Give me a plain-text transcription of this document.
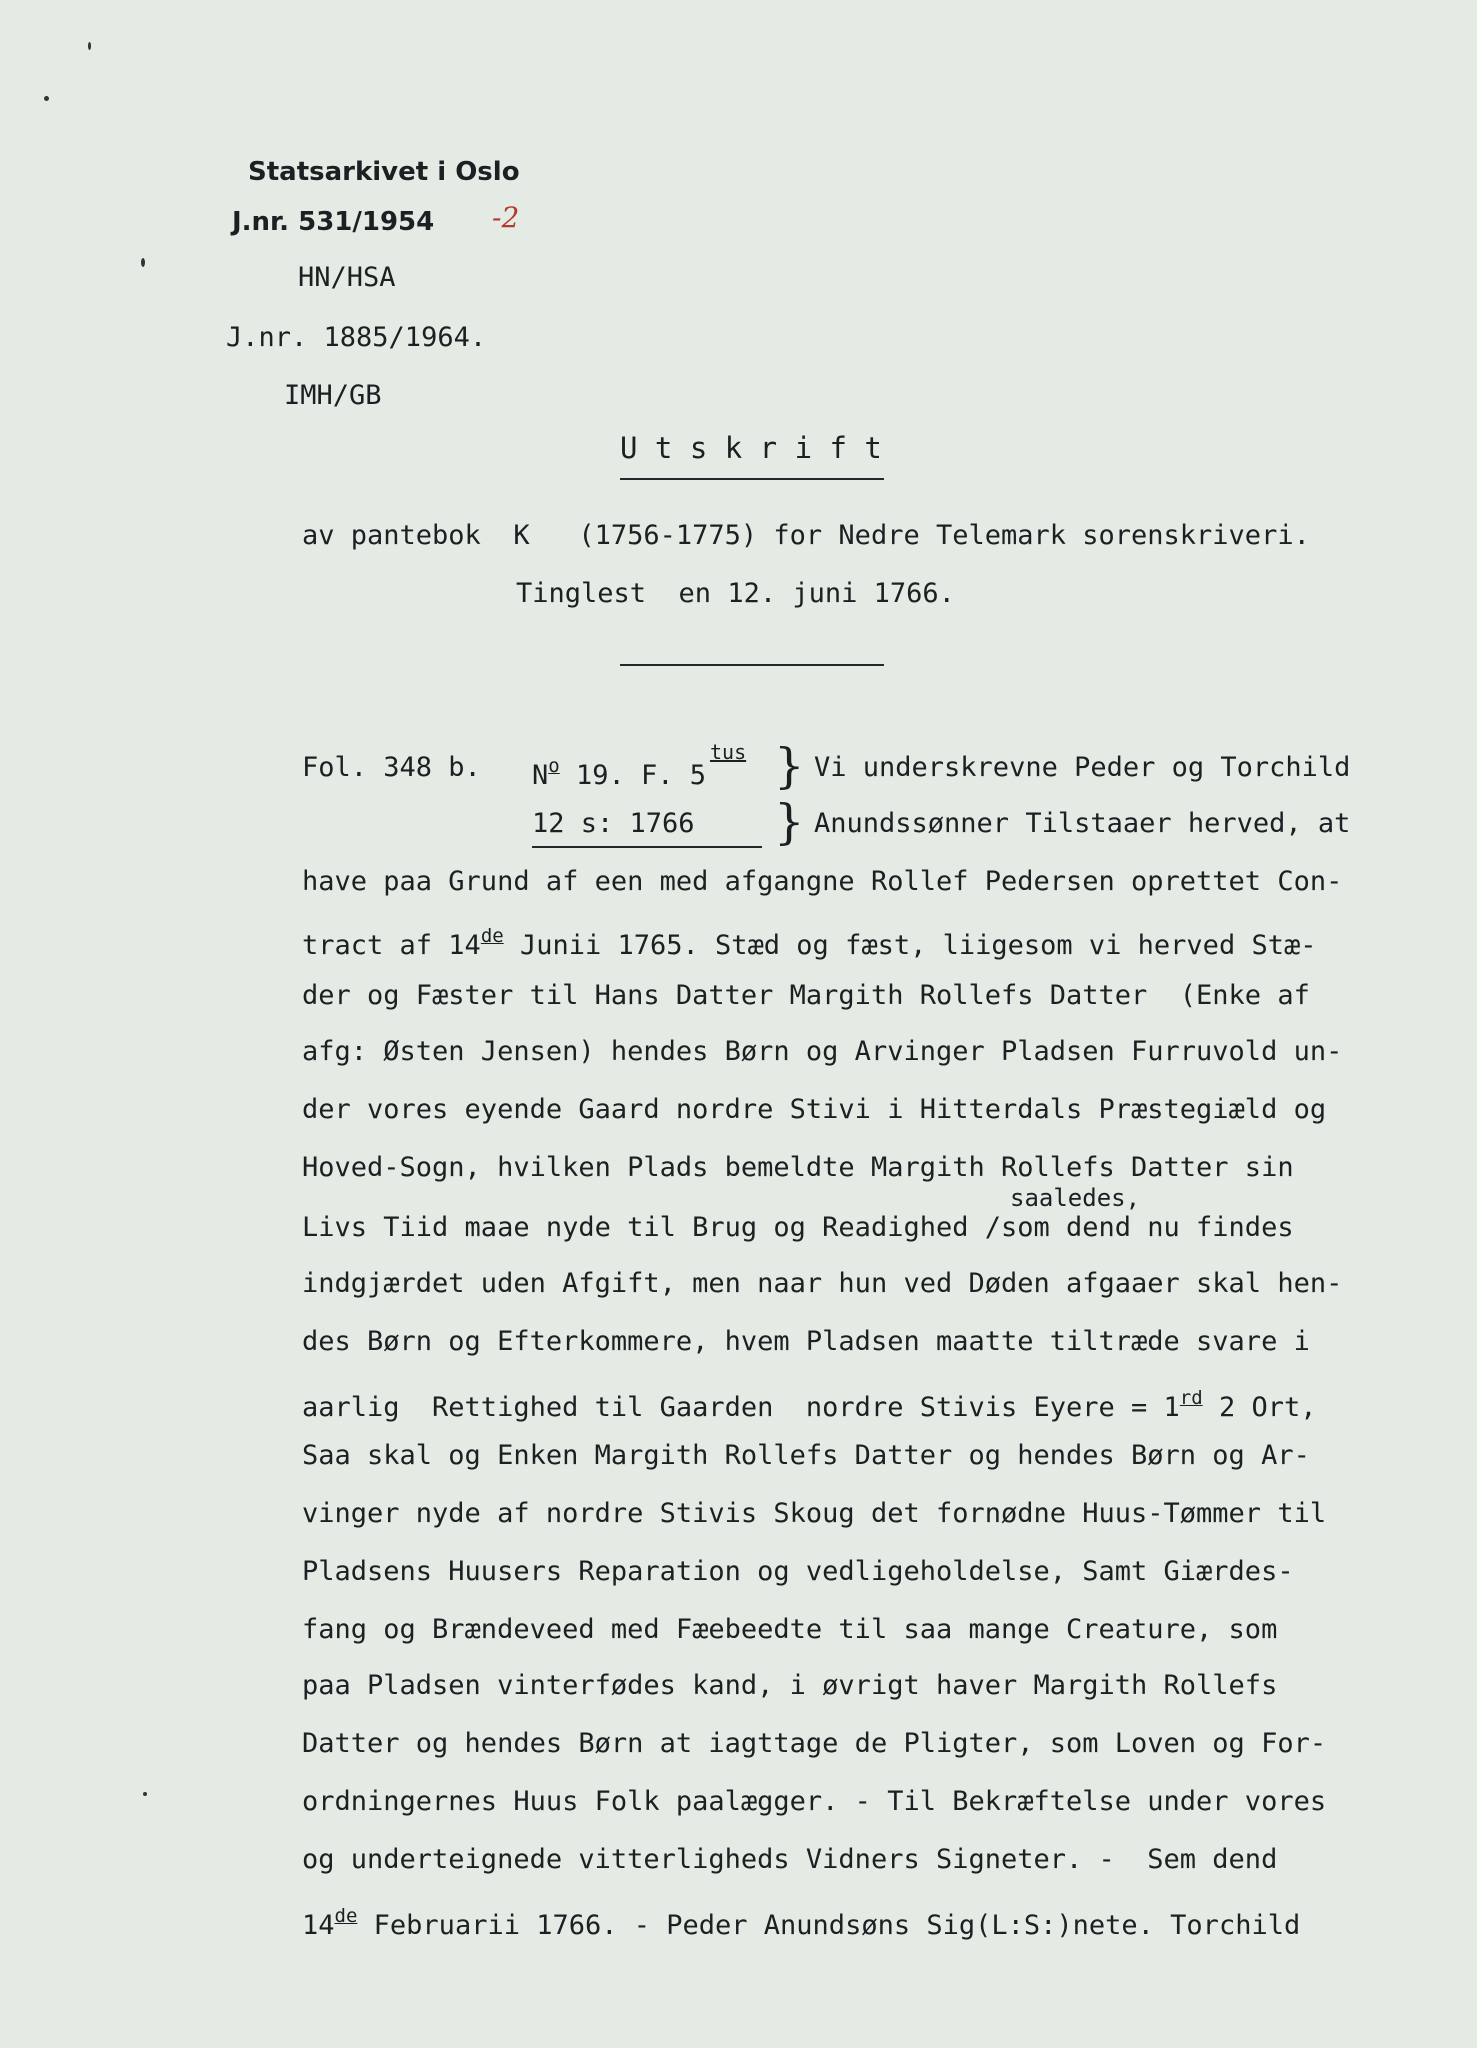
Statsarkivet i Oslo
J.nr. 531/1954 -2
HN/HSA
J.nr. 1885/1964.
IMH/GB
U t s k r i f t
av pantebok  K   (1756-1775) for Nedre Telemark sorenskriveri.
Tinglest  en 12. juni 1766.
Fol. 348 b. $N^o$ 19. F. 5
tus
12 s: 1766
}
}
Vi underskrevne Peder og Torchild
Anundssønner Tilstaaer herved, at
have paa Grund af een med afgangne Rollef Pedersen oprettet Con-
tract af 14de Junii 1765. Stæd og fæst, liigesom vi herved Stæ-
der og Fæster til Hans Datter Margith Rollefs Datter  (Enke af
afg: Østen Jensen) hendes Børn og Arvinger Pladsen Furruvold un-
der vores eyende Gaard nordre Stivi i Hitterdals Præstegiæld og
Hoved-Sogn, hvilken Plads bemeldte Margith Rollefs Datter sin
saaledes,
Livs Tiid maae nyde til Brug og Readighed /som dend nu findes
indgjærdet uden Afgift, men naar hun ved Døden afgaaer skal hen-
des Børn og Efterkommere, hvem Pladsen maatte tiltræde svare i
aarlig  Rettighed til Gaarden  nordre Stivis Eyere = 1rd 2 Ort,
Saa skal og Enken Margith Rollefs Datter og hendes Børn og Ar-
vinger nyde af nordre Stivis Skoug det fornødne Huus-Tømmer til
Pladsens Huusers Reparation og vedligeholdelse, Samt Giærdes-
fang og Brændeveed med Fæebeedte til saa mange Creature, som
paa Pladsen vinterfødes kand, i øvrigt haver Margith Rollefs
Datter og hendes Børn at iagttage de Pligter, som Loven og For-
ordningernes Huus Folk paalægger. - Til Bekræftelse under vores
og underteignede vitterligheds Vidners Signeter. -  Sem dend
14de Februarii 1766. - Peder Anundsøns Sig(L:S:)nete. Torchild
